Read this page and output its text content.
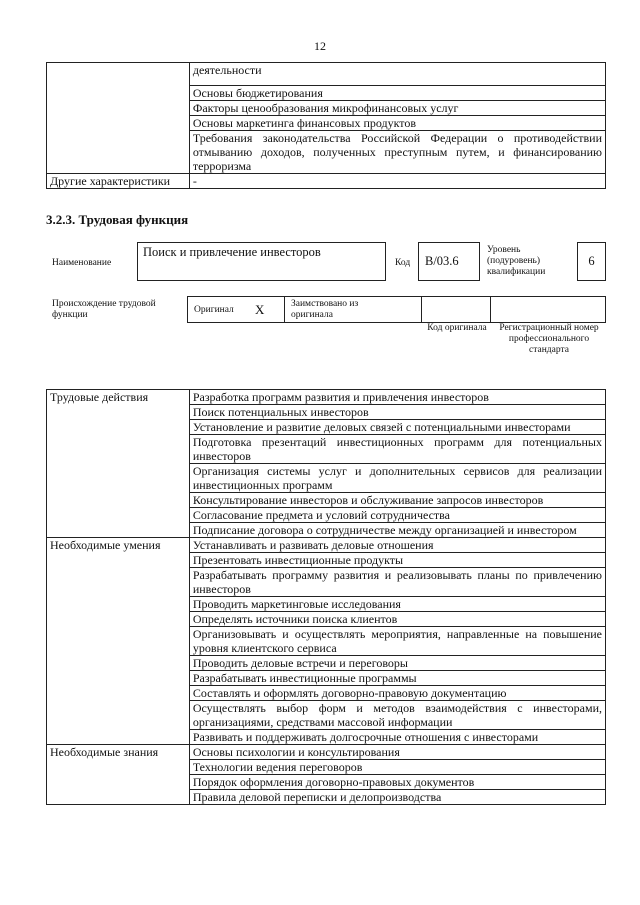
12
	деятельности
	Основы бюджетирования
	Факторы ценообразования микрофинансовых услуг
	Основы маркетинга финансовых продуктов
	Требования законодательства Российской Федерации о противодействии отмыванию доходов, полученных преступным путем, и финансированию терроризма
Другие характеристики	-
3.2.3. Трудовая функция
Наименование
Поиск и привлечение инвесторов
Код	B/03.6
Уровень (подуровень) квалификации
6
Происхождение трудовой функции	Оригинал X	Заимствовано из оригинала
Код оригинала	Регистрационный номер профессионального стандарта
Трудовые действия	Разработка программ развития и привлечения инвесторов
	Поиск потенциальных инвесторов
	Установление и развитие деловых связей с потенциальными инвесторами
	Подготовка презентаций инвестиционных программ для потенциальных инвесторов
	Организация системы услуг и дополнительных сервисов для реализации инвестиционных программ
	Консультирование инвесторов и обслуживание запросов инвесторов
	Согласование предмета и условий сотрудничества
	Подписание договора о сотрудничестве между организацией и инвестором
Необходимые умения	Устанавливать и развивать деловые отношения
	Презентовать инвестиционные продукты
	Разрабатывать программу развития и реализовывать планы по привлечению инвесторов
	Проводить маркетинговые исследования
	Определять источники поиска клиентов
	Организовывать и осуществлять мероприятия, направленные на повышение уровня клиентского сервиса
	Проводить деловые встречи и переговоры
	Разрабатывать инвестиционные программы
	Составлять и оформлять договорно-правовую документацию
	Осуществлять выбор форм и методов взаимодействия с инвесторами, организациями, средствами массовой информации
	Развивать и поддерживать долгосрочные отношения с инвесторами
Необходимые знания	Основы психологии и консультирования
	Технологии ведения переговоров
	Порядок оформления договорно-правовых документов
	Правила деловой переписки и делопроизводства
